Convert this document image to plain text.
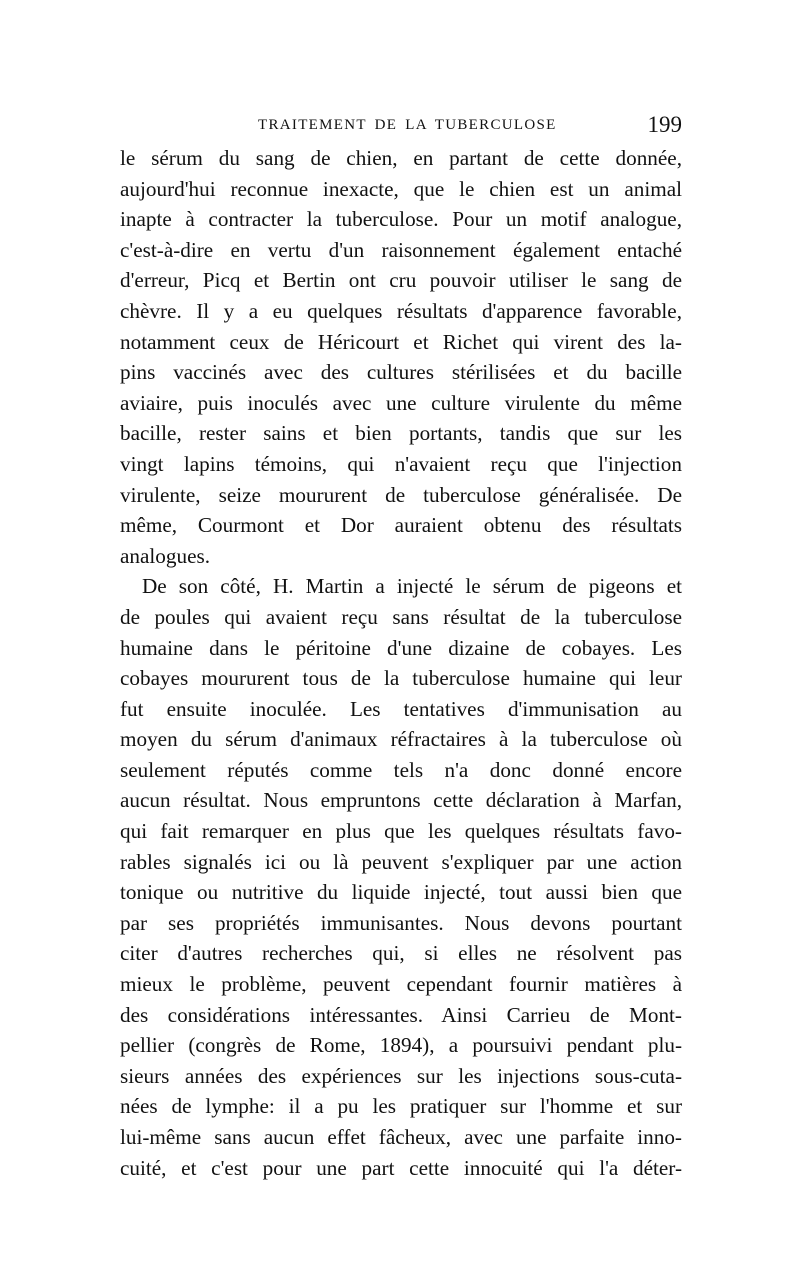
TRAITEMENT DE LA TUBERCULOSE	199
le sérum du sang de chien, en partant de cette donnée,
aujourd'hui reconnue inexacte, que le chien est un animal
inapte à contracter la tuberculose. Pour un motif analogue,
c'est-à-dire en vertu d'un raisonnement également entaché
d'erreur, Picq et Bertin ont cru pouvoir utiliser le sang de
chèvre. Il y a eu quelques résultats d'apparence favorable,
notamment ceux de Héricourt et Richet qui virent des la-
pins vaccinés avec des cultures stérilisées et du bacille
aviaire, puis inoculés avec une culture virulente du même
bacille, rester sains et bien portants, tandis que sur les
vingt lapins témoins, qui n'avaient reçu que l'injection
virulente, seize moururent de tuberculose généralisée. De
même, Courmont et Dor auraient obtenu des résultats
analogues.
De son côté, H. Martin a injecté le sérum de pigeons et
de poules qui avaient reçu sans résultat de la tuberculose
humaine dans le péritoine d'une dizaine de cobayes. Les
cobayes moururent tous de la tuberculose humaine qui leur
fut ensuite inoculée. Les tentatives d'immunisation au
moyen du sérum d'animaux réfractaires à la tuberculose où
seulement réputés comme tels n'a donc donné encore
aucun résultat. Nous empruntons cette déclaration à Marfan,
qui fait remarquer en plus que les quelques résultats favo-
rables signalés ici ou là peuvent s'expliquer par une action
tonique ou nutritive du liquide injecté, tout aussi bien que
par ses propriétés immunisantes. Nous devons pourtant
citer d'autres recherches qui, si elles ne résolvent pas
mieux le problème, peuvent cependant fournir matières à
des considérations intéressantes. Ainsi Carrieu de Mont-
pellier (congrès de Rome, 1894), a poursuivi pendant plu-
sieurs années des expériences sur les injections sous-cuta-
nées de lymphe: il a pu les pratiquer sur l'homme et sur
lui-même sans aucun effet fâcheux, avec une parfaite inno-
cuité, et c'est pour une part cette innocuité qui l'a déter-
